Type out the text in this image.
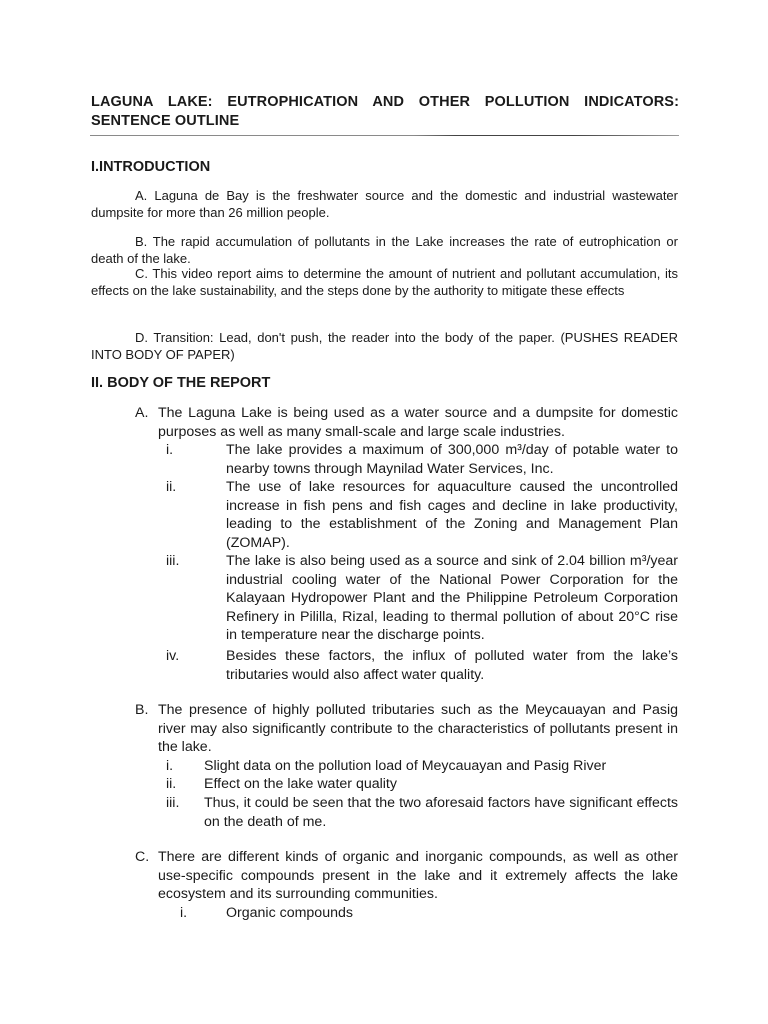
LAGUNA LAKE: EUTROPHICATION AND OTHER POLLUTION INDICATORS: SENTENCE OUTLINE
I.INTRODUCTION
A. Laguna de Bay is the freshwater source and the domestic and industrial wastewater dumpsite for more than 26 million people.
B. The rapid accumulation of pollutants in the Lake increases the rate of eutrophication or death of the lake.
C. This video report aims to determine the amount of nutrient and pollutant accumulation, its effects on the lake sustainability, and the steps done by the authority to mitigate these effects
D. Transition: Lead, don't push, the reader into the body of the paper. (PUSHES READER INTO BODY OF PAPER)
II. BODY OF THE REPORT
A. The Laguna Lake is being used as a water source and a dumpsite for domestic purposes as well as many small-scale and large scale industries.
i.	The lake provides a maximum of 300,000 m³/day of potable water to nearby towns through Maynilad Water Services, Inc.
ii.	The use of lake resources for aquaculture caused the uncontrolled increase in fish pens and fish cages and decline in lake productivity, leading to the establishment of the Zoning and Management Plan (ZOMAP).
iii.	The lake is also being used as a source and sink of 2.04 billion m³/year industrial cooling water of the National Power Corporation for the Kalayaan Hydropower Plant and the Philippine Petroleum Corporation Refinery in Pililla, Rizal, leading to thermal pollution of about 20°C rise in temperature near the discharge points.
iv.	Besides these factors, the influx of polluted water from the lake’s tributaries would also affect water quality.
B. The presence of highly polluted tributaries such as the Meycauayan and Pasig river may also significantly contribute to the characteristics of pollutants present in the lake.
i.	Slight data on the pollution load of Meycauayan and Pasig River
ii.	Effect on the lake water quality
iii.	Thus, it could be seen that the two aforesaid factors have significant effects on the death of me.
C. There are different kinds of organic and inorganic compounds, as well as other use-specific compounds present in the lake and it extremely affects the lake ecosystem and its surrounding communities.
i.	Organic compounds
